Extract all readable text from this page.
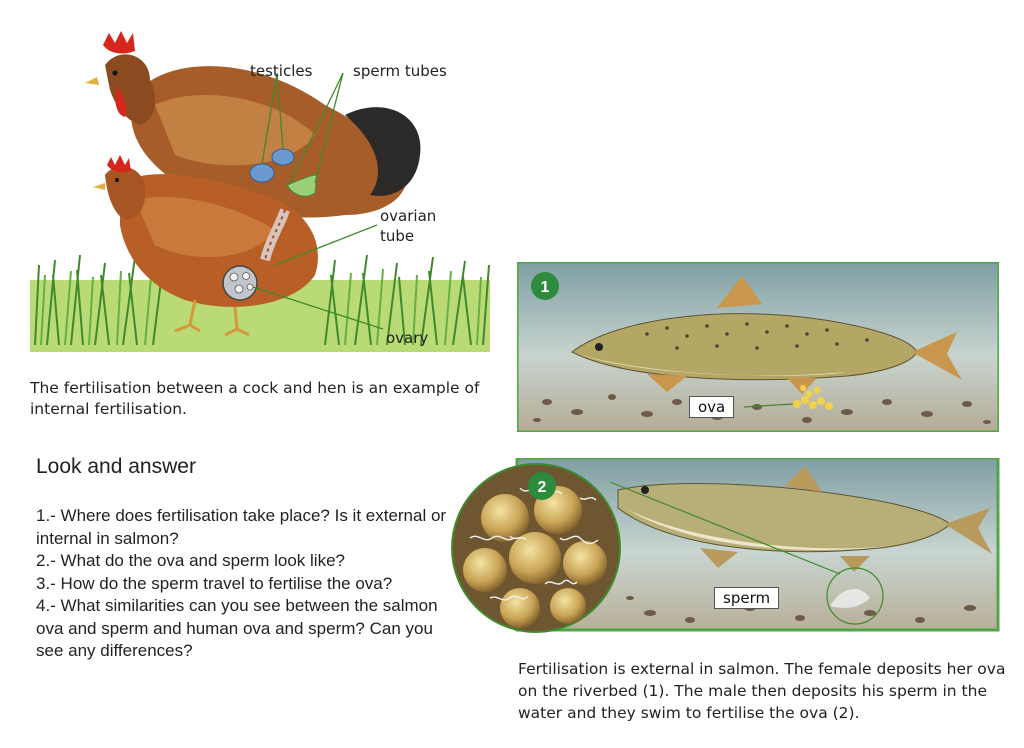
testicles	sperm tubes
ovarian
tube
ovary
The fertilisation between a cock and hen is an example of internal fertilisation.
Look and answer
1.- Where does fertilisation take place? Is it external or internal in salmon?
2.- What do the ova and sperm look like?
3.- How do the sperm travel to fertilise the ova?
4.- What similarities can you see between the salmon ova and sperm and human ova and sperm? Can you see any differences?
1
ova
2
sperm
Fertilisation is external in salmon. The female deposits her ova on the riverbed (1). The male then deposits his sperm in the water and they swim to fertilise the ova (2).
